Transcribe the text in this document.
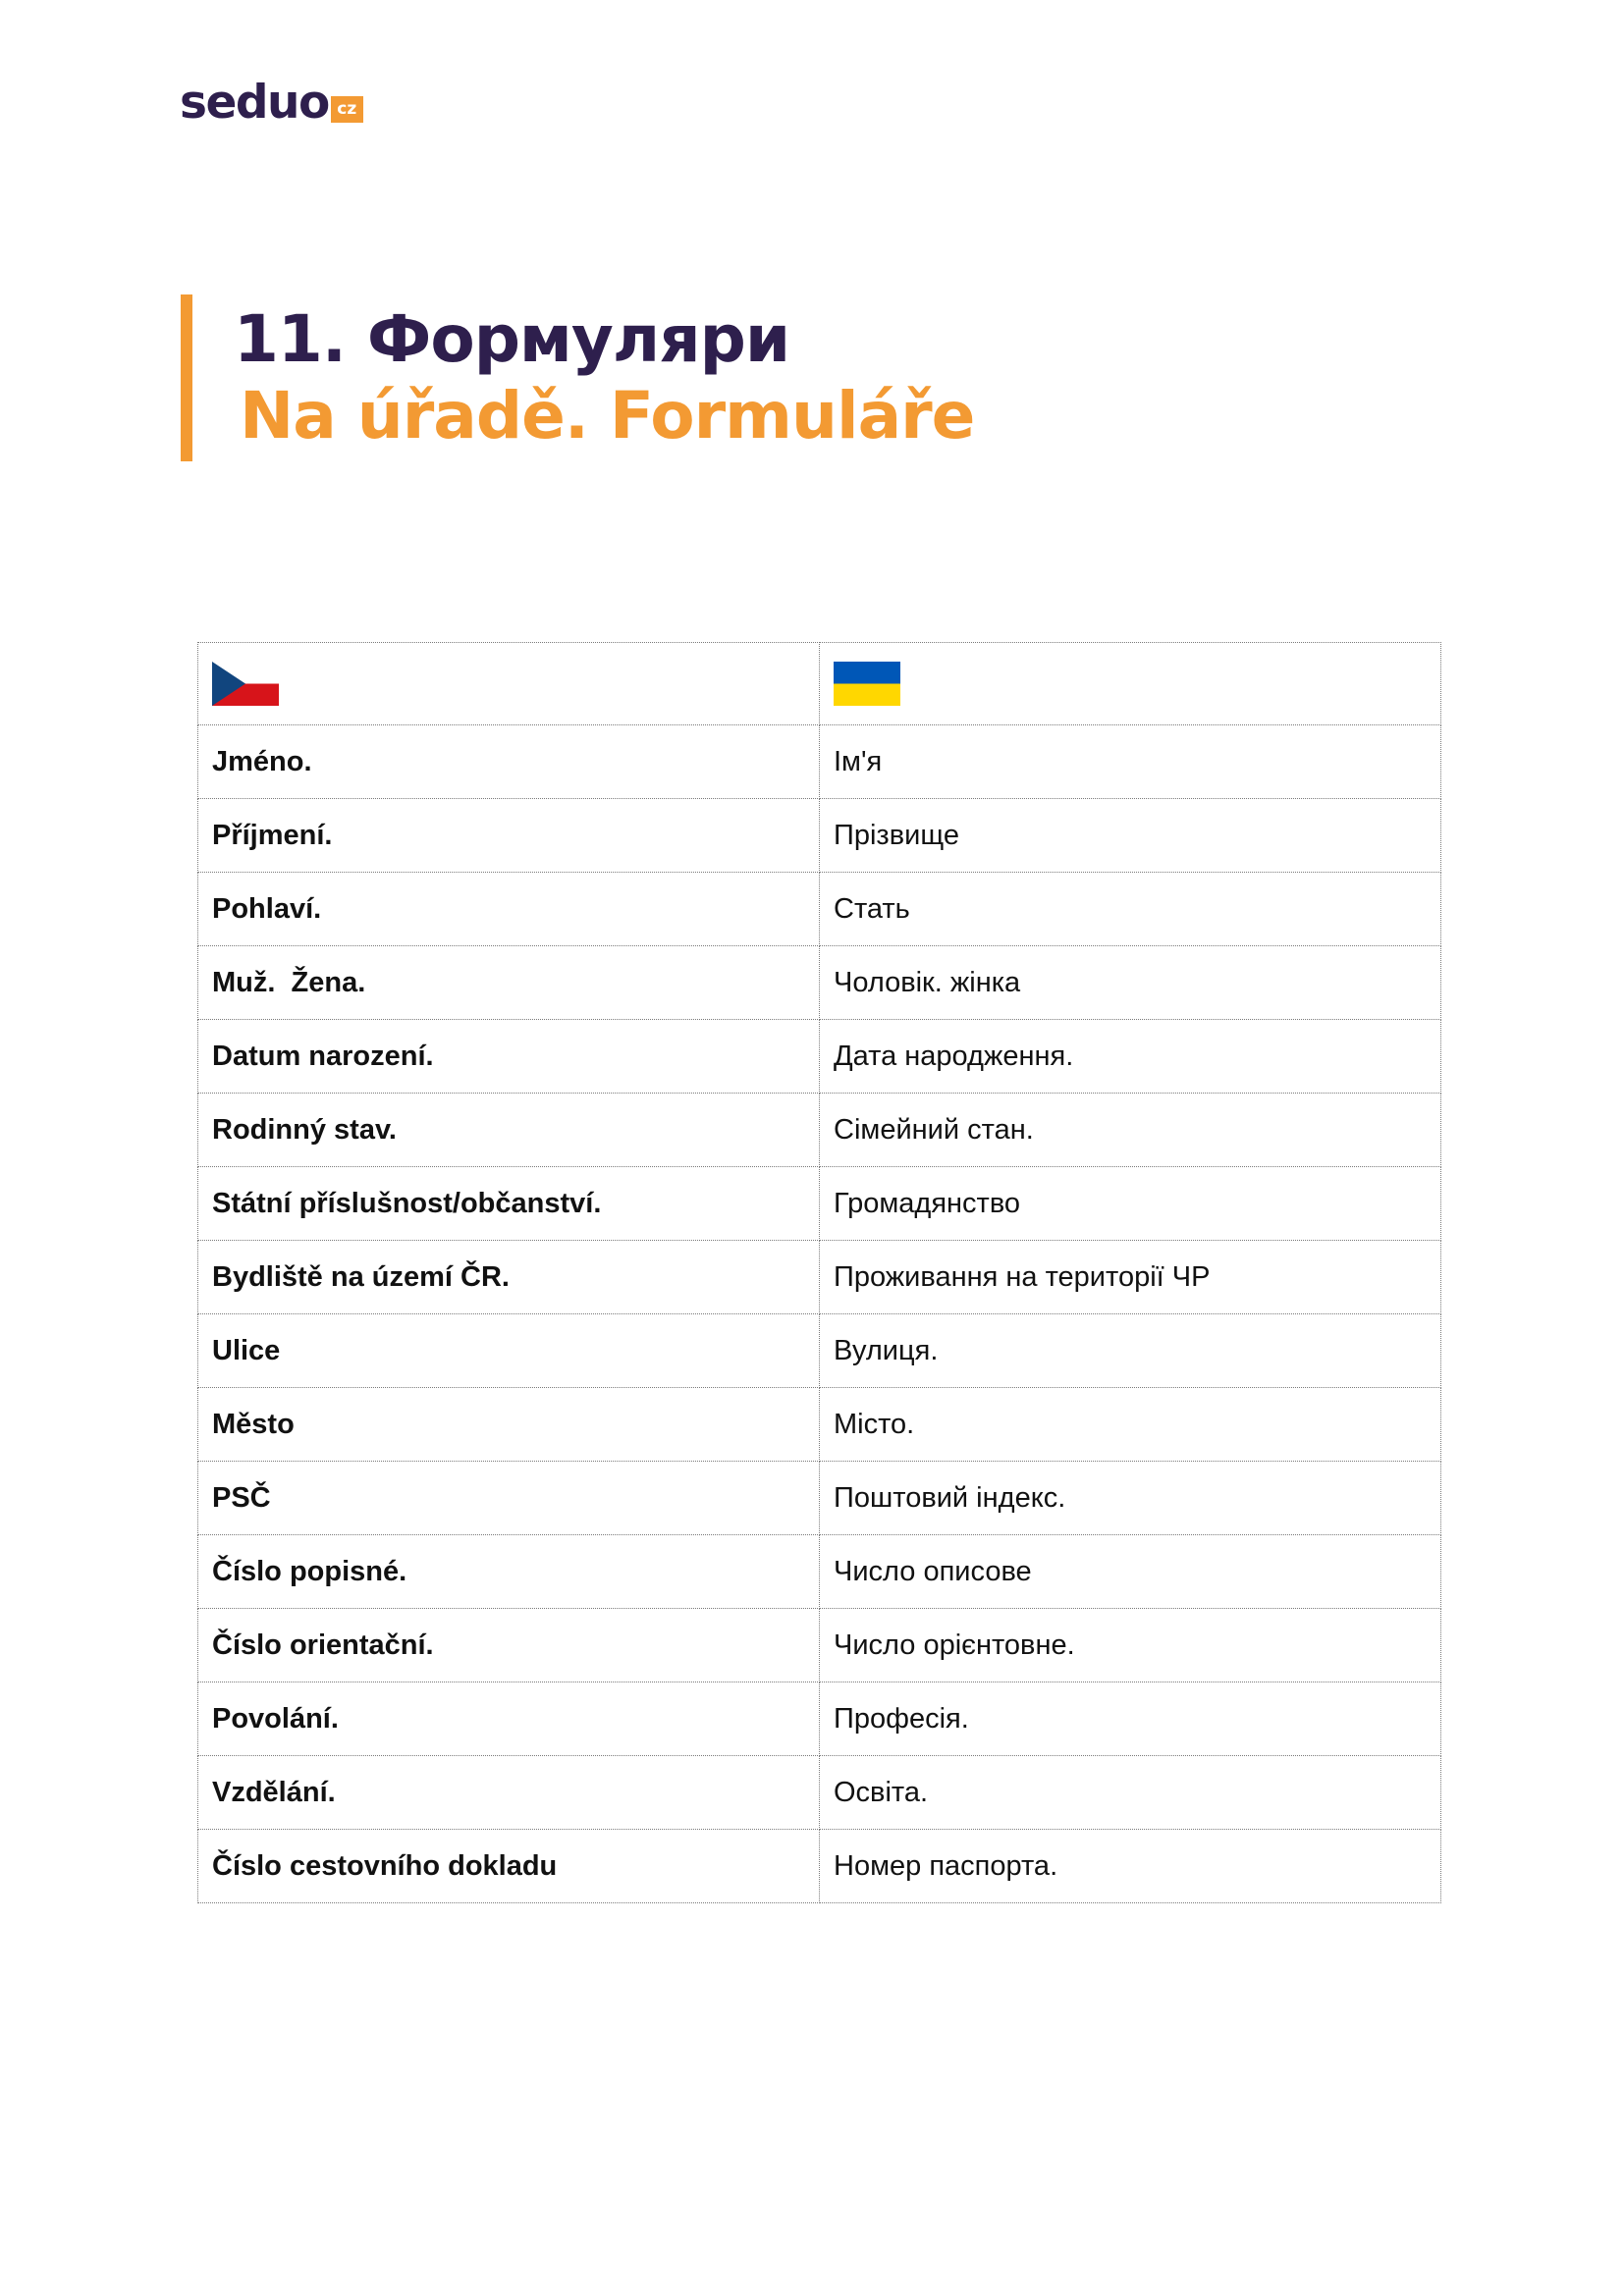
seduo cz
11. Формуляри
Na úřadě. Formuláře

Jméno.	Ім'я
Příjmení.	Прізвище
Pohlaví.	Стать
Muž.  Žena.	Чоловік. жінка
Datum narození.	Дата народження.
Rodinný stav.	Сімейний стан.
Státní příslušnost/občanství.	Громадянство
Bydliště na území ČR.	Проживання на території ЧР
Ulice	Вулиця.
Město	Місто.
PSČ	Поштовий індекс.
Číslo popisné.	Число описове
Číslo orientační.	Число орієнтовне.
Povolání.	Професія.
Vzdělání.	Освіта.
Číslo cestovního dokladu	Номер паспорта.
